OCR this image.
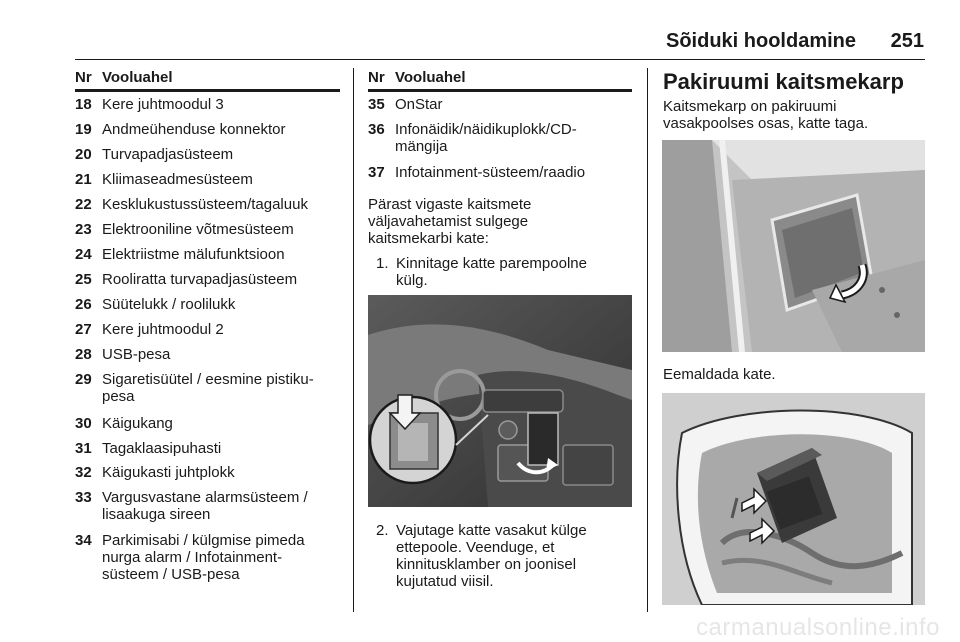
Sõiduki hooldamine	251
Nr Vooluahel
18 Kere juhtmoodul 3
19 Andmeühenduse konnektor
20 Turvapadjasüsteem
21 Kliimaseadmesüsteem
22 Kesklukustussüsteem/tagaluuk
23 Elektrooniline võtmesüsteem
24 Elektriistme mälufunktsioon
25 Rooliratta turvapadjasüsteem
26 Süütelukk / roolilukk
27 Kere juhtmoodul 2
28 USB-pesa
29 Sigaretisüütel / eesmine pistiku-
pesa
30 Käigukang
31 Tagaklaasipuhasti
32 Käigukasti juhtplokk
33 Vargusvastane alarmsüsteem /
lisaakuga sireen
34 Parkimisabi / külgmise pimeda
nurga alarm / Infotainment-
süsteem / USB-pesa
Nr Vooluahel
35 OnStar
36 Infonäidik/näidikuplokk/CD-
mängija
37 Infotainment-süsteem/raadio
Pärast vigaste kaitsmete
väljavahetamist sulgege
kaitsmekarbi kate:
1. Kinnitage katte parempoolne
külg.
2. Vajutage katte vasakut külge
ettepoole. Veenduge, et
kinnitusklamber on joonisel
kujutatud viisil.
Pakiruumi kaitsmekarp
Kaitsmekarp on pakiruumi
vasakpoolses osas, katte taga.
Eemaldada kate.
carmanualsonline.info
